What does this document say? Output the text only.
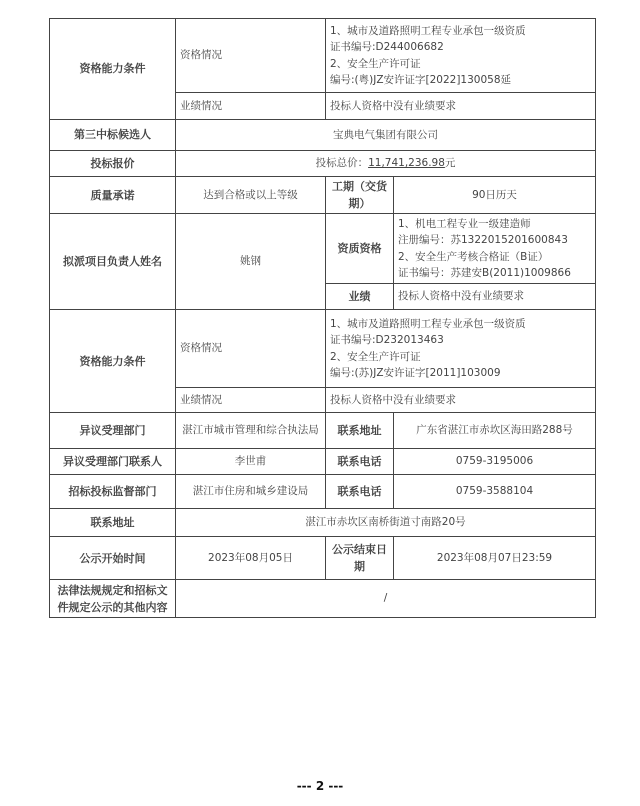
资格能力条件	资格情况	1、城市及道路照明工程专业承包一级资质
证书编号:D244006682
2、安全生产许可证
编号:(粤)JZ安许证字[2022]130058延	

	业绩情况	投标人资格中没有业绩要求	
第三中标候选人	宝典电气集团有限公司		
投标报价	投标总价：11,741,236.98元		
质量承诺	达到合格或以上等级	工期（交货期）	90日历天
拟派项目负责人姓名	姚钢	资质资格	1、机电工程专业一级建造师
注册编号：苏1322015201600843
2、安全生产考核合格证（B证）
证书编号：苏建安B(2011)1009866

		业绩	投标人资格中没有业绩要求
资格能力条件	资格情况	1、城市及道路照明工程专业承包一级资质
证书编号:D232013463
2、安全生产许可证
编号:(苏)JZ安许证字[2011]103009	

	业绩情况	投标人资格中没有业绩要求	
异议受理部门	湛江市城市管理和综合执法局	联系地址	广东省湛江市赤坎区海田路288号
异议受理部门联系人	李世甫	联系电话	0759-3195006
招标投标监督部门	湛江市住房和城乡建设局	联系电话	0759-3588104
联系地址	湛江市赤坎区南桥街道寸南路20号		
公示开始时间	2023年08月05日	公示结束日期	2023年08月07日23:59
法律法规规定和招标文件规定公示的其他内容	/		
--- 2 ---
